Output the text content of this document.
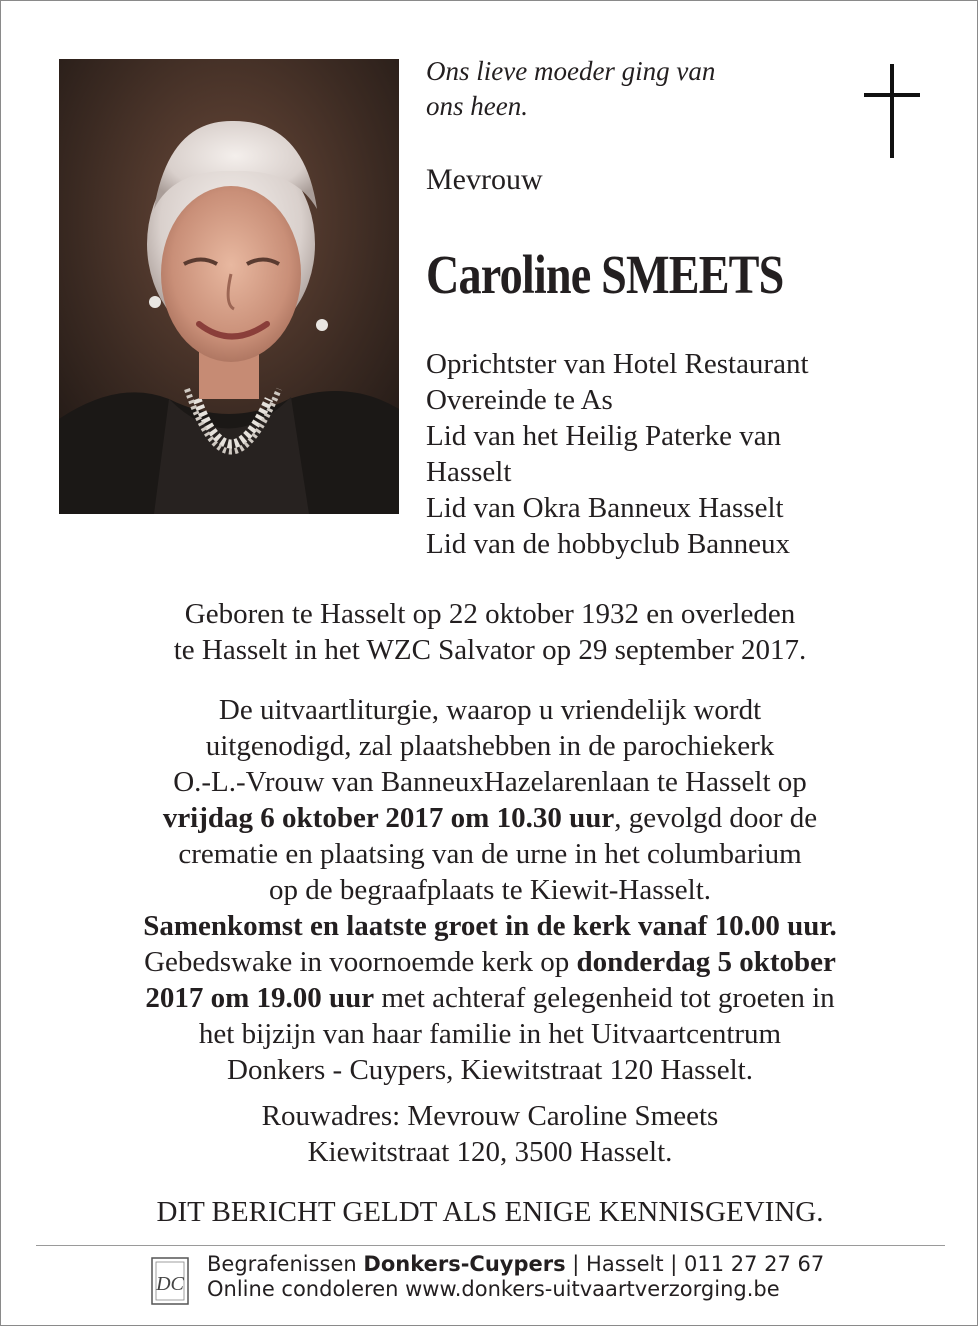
Ons lieve moeder ging van
ons heen.
Mevrouw
Caroline SMEETS
Oprichtster van Hotel Restaurant
Overeinde te As
Lid van het Heilig Paterke van
Hasselt
Lid van Okra Banneux Hasselt
Lid van de hobbyclub Banneux
Geboren te Hasselt op 22 oktober 1932 en overleden
te Hasselt in het WZC Salvator op 29 september 2017.
De uitvaartliturgie, waarop u vriendelijk wordt
uitgenodigd, zal plaatshebben in de parochiekerk
O.-L.-Vrouw van BanneuxHazelarenlaan te Hasselt op
vrijdag 6 oktober 2017 om 10.30 uur, gevolgd door de
crematie en plaatsing van de urne in het columbarium
op de begraafplaats te Kiewit-Hasselt.
Samenkomst en laatste groet in de kerk vanaf 10.00 uur.
Gebedswake in voornoemde kerk op donderdag 5 oktober
2017 om 19.00 uur met achteraf gelegenheid tot groeten in
het bijzijn van haar familie in het Uitvaartcentrum
Donkers - Cuypers, Kiewitstraat 120 Hasselt.
Rouwadres: Mevrouw Caroline Smeets
Kiewitstraat 120, 3500 Hasselt.
DIT BERICHT GELDT ALS ENIGE KENNISGEVING.
DC
Begrafenissen Donkers-Cuypers | Hasselt | 011 27 27 67
Online condoleren www.donkers-uitvaartverzorging.be
